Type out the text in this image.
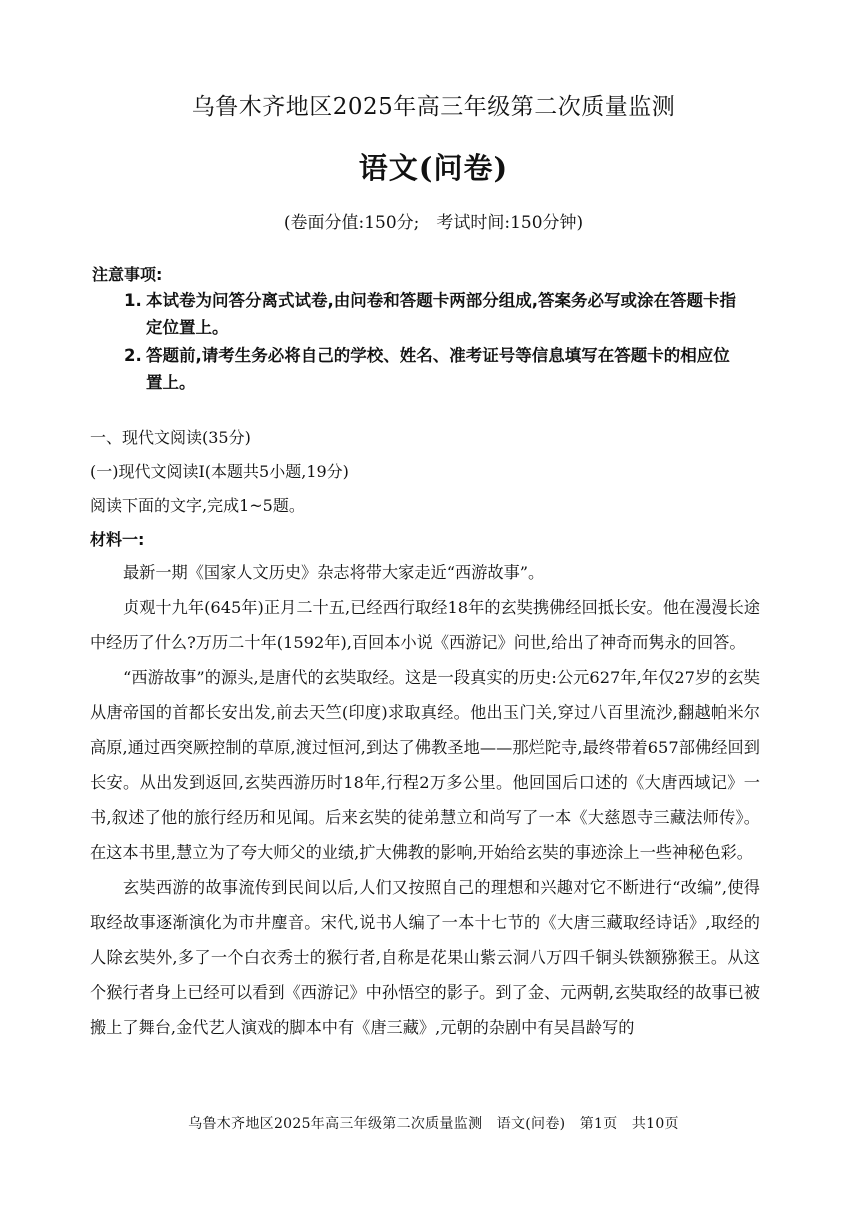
乌鲁木齐地区2025年高三年级第二次质量监测
语文(问卷)
(卷面分值:150分;　考试时间:150分钟)
注意事项:
1. 本试卷为问答分离式试卷,由问卷和答题卡两部分组成,答案务必写或涂在答题卡指
定位置上。
2. 答题前,请考生务必将自己的学校、姓名、准考证号等信息填写在答题卡的相应位
置上。
一、现代文阅读(35分)
(一)现代文阅读Ⅰ(本题共5小题,19分)
阅读下面的文字,完成1~5题。
材料一:

最新一期《国家人文历史》杂志将带大家走近“西游故事”。

贞观十九年(645年)正月二十五,已经西行取经18年的玄奘携佛经回抵长安。他在漫漫长途中经历了什么?万历二十年(1592年),百回本小说《西游记》问世,给出了神奇而隽永的回答。

“西游故事”的源头,是唐代的玄奘取经。这是一段真实的历史:公元627年,年仅27岁的玄奘从唐帝国的首都长安出发,前去天竺(印度)求取真经。他出玉门关,穿过八百里流沙,翻越帕米尔高原,通过西突厥控制的草原,渡过恒河,到达了佛教圣地——那烂陀寺,最终带着657部佛经回到长安。从出发到返回,玄奘西游历时18年,行程2万多公里。他回国后口述的《大唐西域记》一书,叙述了他的旅行经历和见闻。后来玄奘的徒弟慧立和尚写了一本《大慈恩寺三藏法师传》。在这本书里,慧立为了夸大师父的业绩,扩大佛教的影响,开始给玄奘的事迹涂上一些神秘色彩。

玄奘西游的故事流传到民间以后,人们又按照自己的理想和兴趣对它不断进行“改编”,使得取经故事逐渐演化为市井麈音。宋代,说书人编了一本十七节的《大唐三藏取经诗话》,取经的人除玄奘外,多了一个白衣秀士的猴行者,自称是花果山紫云洞八万四千铜头铁额猕猴王。从这个猴行者身上已经可以看到《西游记》中孙悟空的影子。到了金、元两朝,玄奘取经的故事已被搬上了舞台,金代艺人演戏的脚本中有《唐三藏》,元朝的杂剧中有吴昌龄写的

乌鲁木齐地区2025年高三年级第二次质量监测　语文(问卷)　第1页　共10页
